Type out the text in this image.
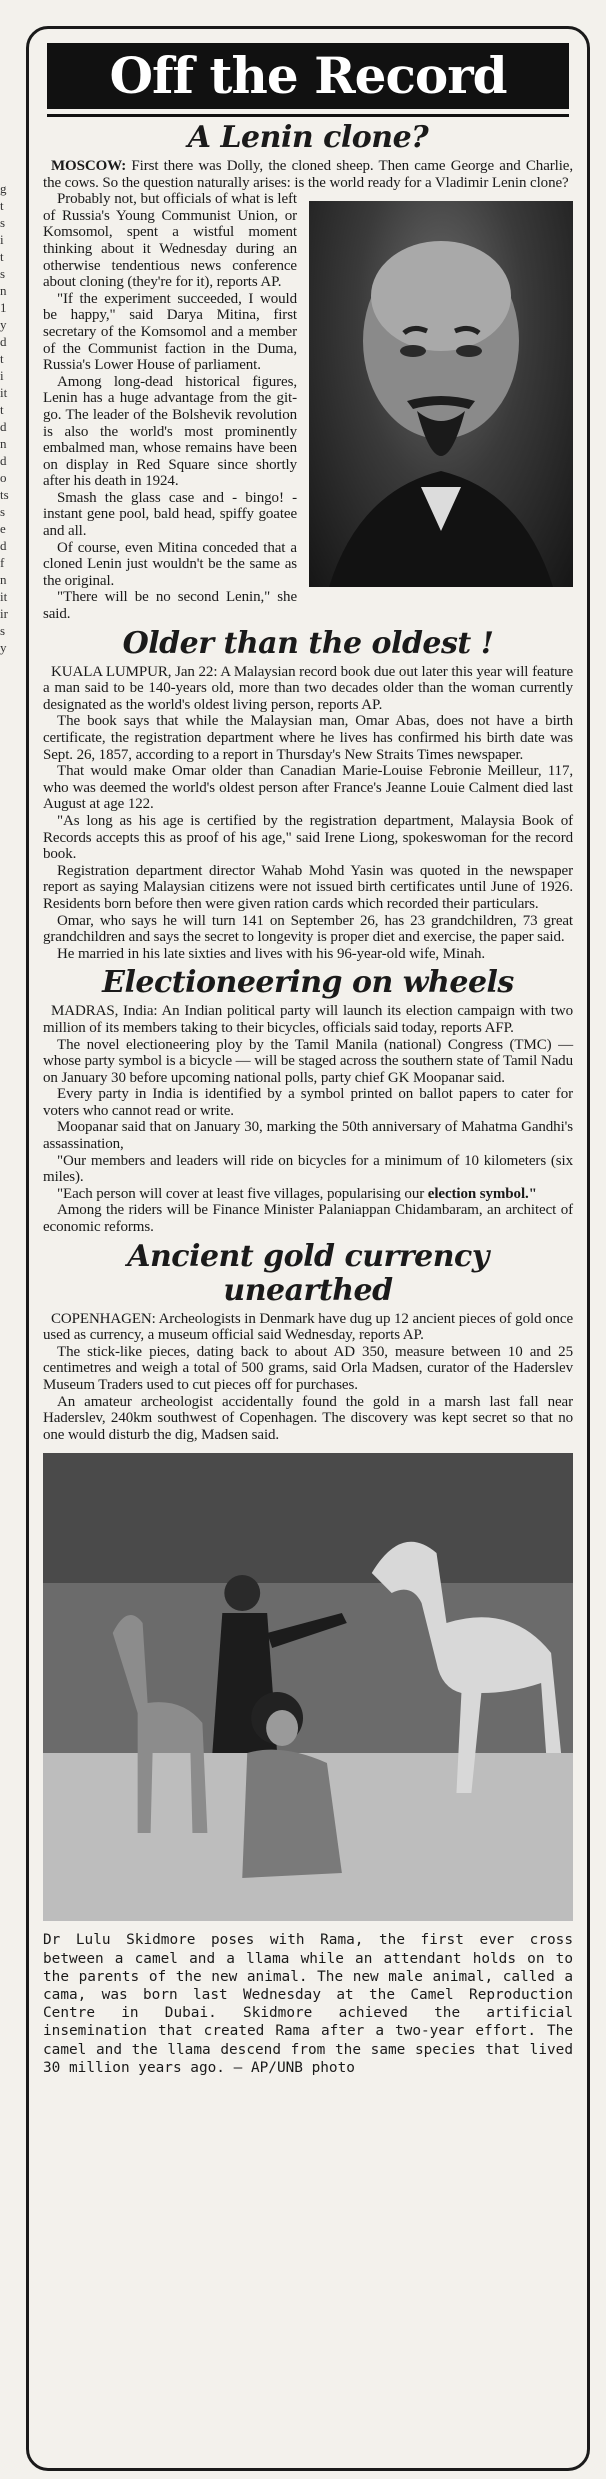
g
t
s
i
t
s
n
1
y
d
t
i
it
t
d
n
d
o
ts
s
e
d
f
n
it
ir
s
y
Off the Record
A Lenin clone?

MOSCOW: First there was Dolly, the cloned sheep. Then came George and Charlie, the cows. So the question naturally arises: is the world ready for a Vladimir Lenin clone?

Probably not, but officials of what is left of Russia's Young Communist Union, or Komsomol, spent a wistful moment thinking about it Wednesday during an otherwise tendentious news conference about cloning (they're for it), reports AP.

"If the experiment succeeded, I would be happy," said Darya Mitina, first secretary of the Komsomol and a member of the Communist faction in the Duma, Russia's Lower House of parliament.

Among long-dead historical figures, Lenin has a huge advantage from the git-go. The leader of the Bolshevik revolution is also the world's most prominently embalmed man, whose remains have been on display in Red Square since shortly after his death in 1924.

Smash the glass case and - bingo! - instant gene pool, bald head, spiffy goatee and all.

Of course, even Mitina conceded that a cloned Lenin just wouldn't be the same as the original.

"There will be no second Lenin," she said.

Older than the oldest !

KUALA LUMPUR, Jan 22: A Malaysian record book due out later this year will feature a man said to be 140-years old, more than two decades older than the woman currently designated as the world's oldest living person, reports AP.

The book says that while the Malaysian man, Omar Abas, does not have a birth certificate, the registration department where he lives has confirmed his birth date was Sept. 26, 1857, according to a report in Thursday's New Straits Times newspaper.

That would make Omar older than Canadian Marie-Louise Febronie Meilleur, 117, who was deemed the world's oldest person after France's Jeanne Louie Calment died last August at age 122.

"As long as his age is certified by the registration department, Malaysia Book of Records accepts this as proof of his age," said Irene Liong, spokeswoman for the record book.

Registration department director Wahab Mohd Yasin was quoted in the newspaper report as saying Malaysian citizens were not issued birth certificates until June of 1926. Residents born before then were given ration cards which recorded their particulars.

Omar, who says he will turn 141 on September 26, has 23 grandchildren, 73 great grandchildren and says the secret to longevity is proper diet and exercise, the paper said.

He married in his late sixties and lives with his 96-year-old wife, Minah.

Electioneering on wheels

MADRAS, India: An Indian political party will launch its election campaign with two million of its members taking to their bicycles, officials said today, reports AFP.

The novel electioneering ploy by the Tamil Manila (national) Congress (TMC) — whose party symbol is a bicycle — will be staged across the southern state of Tamil Nadu on January 30 before upcoming national polls, party chief GK Moopanar said.

Every party in India is identified by a symbol printed on ballot papers to cater for voters who cannot read or write.

Moopanar said that on January 30, marking the 50th anniversary of Mahatma Gandhi's assassination,

"Our members and leaders will ride on bicycles for a minimum of 10 kilometers (six miles).

"Each person will cover at least five villages, popularising our election symbol."

Among the riders will be Finance Minister Palaniappan Chidambaram, an architect of economic reforms.

Ancient gold currency
unearthed

COPENHAGEN: Archeologists in Denmark have dug up 12 ancient pieces of gold once used as currency, a museum official said Wednesday, reports AP.

The stick-like pieces, dating back to about AD 350, measure between 10 and 25 centimetres and weigh a total of 500 grams, said Orla Madsen, curator of the Haderslev Museum Traders used to cut pieces off for purchases.

An amateur archeologist accidentally found the gold in a marsh last fall near Haderslev, 240km southwest of Copenhagen. The discovery was kept secret so that no one would disturb the dig, Madsen said.

Dr Lulu Skidmore poses with Rama, the first ever cross between a camel and a llama while an attendant holds on to the parents of the new animal. The new male animal, called a cama, was born last Wednesday at the Camel Reproduction Centre in Dubai. Skidmore achieved the artificial insemination that created Rama after a two-year effort. The camel and the llama descend from the same species that lived 30 million years ago. — AP/UNB photo
